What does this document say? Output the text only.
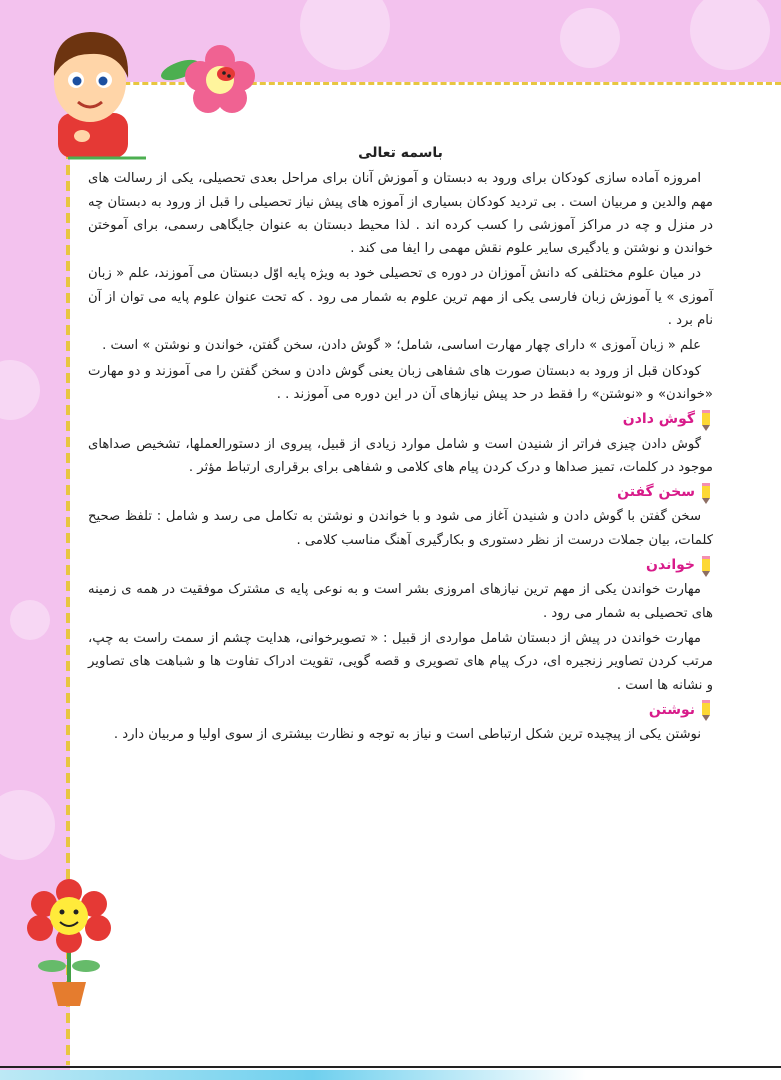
باسمه تعالی

امروزه آماده سازی کودکان برای ورود به دبستان و آموزش آنان برای مراحل بعدی تحصیلی، یکی از رسالت های مهم والدین و مربیان است . بی تردید کودکان بسیاری از آموزه های پیش نیاز تحصیلی را قبل از ورود به دبستان چه در منزل و چه در مراکز آموزشی را کسب کرده اند . لذا محیط دبستان به عنوان جایگاهی رسمی، برای آموختن خواندن و نوشتن و یادگیری سایر علوم نقش مهمی را ایفا می کند .

در میان علوم مختلفی که دانش آموزان در دوره ی تحصیلی خود به ویژه پایه اوّل دبستان می آموزند، علم « زبان آموزی » یا آموزش زبان فارسی یکی از مهم ترین علوم به شمار می رود . که تحت عنوان علوم پایه می توان از آن نام برد .

علم « زبان آموزی » دارای چهار مهارت اساسی، شامل؛ « گوش دادن، سخن گفتن، خواندن و نوشتن » است .

کودکان قبل از ورود به دبستان صورت های شفاهی زبان یعنی گوش دادن و سخن گفتن را می آموزند و دو مهارت «خواندن» و «نوشتن» را فقط در حد پیش نیازهای آن در این دوره می آموزند . .

گوش دادن

گوش دادن چیزی فراتر از شنیدن است و شامل موارد زیادی از قبیل، پیروی از دستورالعملها، تشخیص صداهای موجود در کلمات، تمیز صداها و درک کردن پیام های کلامی و شفاهی برای برقراری ارتباط مؤثر .

سخن گفتن

سخن گفتن با گوش دادن و شنیدن آغاز می شود و با خواندن و نوشتن به تکامل می رسد و شامل : تلفظ صحیح کلمات، بیان جملات درست از نظر دستوری و بکارگیری آهنگ مناسب کلامی .

خواندن

مهارت خواندن یکی از مهم ترین نیازهای امروزی بشر است و به نوعی پایه ی مشترک موفقیت در همه ی زمینه های تحصیلی به شمار می رود .

مهارت خواندن در پیش از دبستان شامل مواردی از قبیل : « تصویرخوانی، هدایت چشم از سمت راست به چپ، مرتب کردن تصاویر زنجیره ای، درک پیام های تصویری و قصه گویی، تقویت ادراک تفاوت ها و شباهت های تصاویر و نشانه ها است .

نوشتن

نوشتن یکی از پیچیده ترین شکل ارتباطی است و نیاز به توجه و نظارت بیشتری از سوی اولیا و مربیان دارد .
